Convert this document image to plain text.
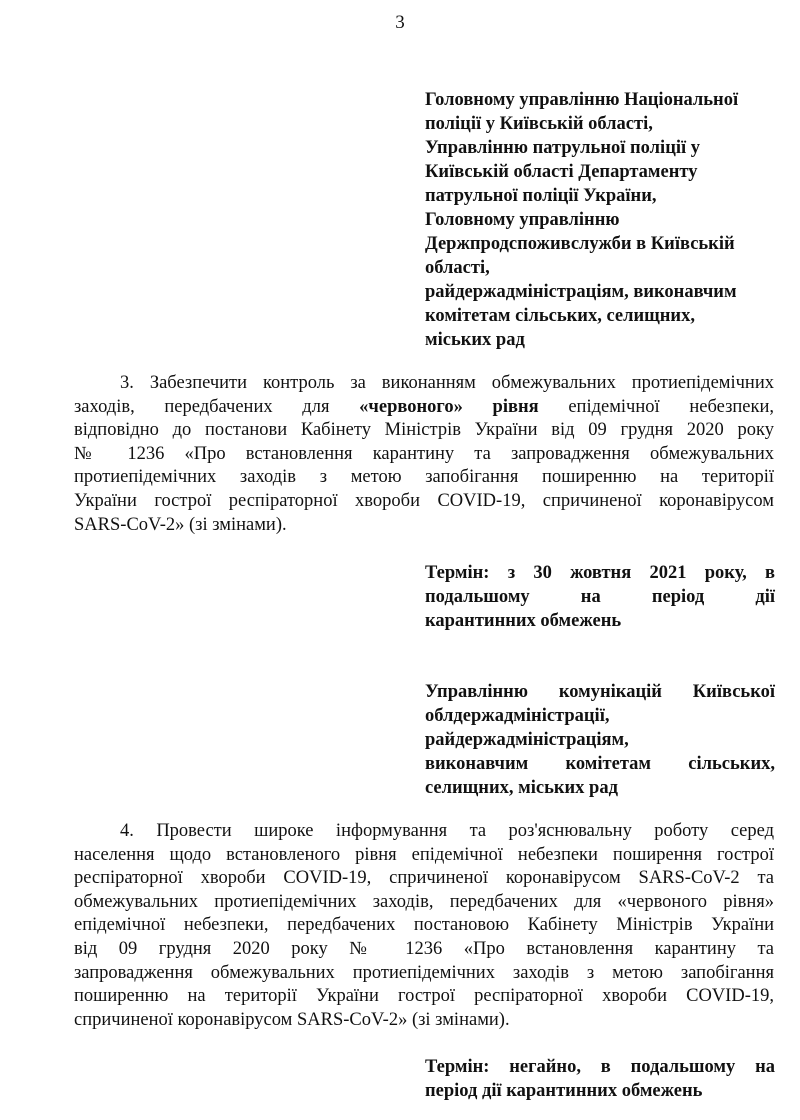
3
Головному управлінню Національної
поліції у Київській області,
Управлінню патрульної поліції у
Київській області Департаменту
патрульної поліції України,
Головному управлінню
Держпродспоживслужби в Київській
області,
райдержадміністраціям, виконавчим
комітетам сільських, селищних,
міських рад
3. Забезпечити контроль за виконанням обмежувальних протиепідемічних
заходів, передбачених для «червоного» рівня епідемічної небезпеки,
відповідно до постанови Кабінету Міністрів України від 09 грудня 2020 року
№ 1236 «Про встановлення карантину та запровадження обмежувальних
протиепідемічних заходів з метою запобігання поширенню на території
України гострої респіраторної хвороби COVID-19, спричиненої коронавірусом
SARS-CoV-2» (зі змінами).
Термін: з 30 жовтня 2021 року, в
подальшому на період дії
карантинних обмежень
Управлінню комунікацій Київської
облдержадміністрації,
райдержадміністраціям,
виконавчим комітетам сільських,
селищних, міських рад
4. Провести широке інформування та роз'яснювальну роботу серед
населення щодо встановленого рівня епідемічної небезпеки поширення гострої
респіраторної хвороби COVID-19, спричиненої коронавірусом SARS-CoV-2 та
обмежувальних протиепідемічних заходів, передбачених для «червоного рівня»
епідемічної небезпеки, передбачених постановою Кабінету Міністрів України
від 09 грудня 2020 року № 1236 «Про встановлення карантину та
запровадження обмежувальних протиепідемічних заходів з метою запобігання
поширенню на території України гострої респіраторної хвороби COVID-19,
спричиненої коронавірусом SARS-CoV-2» (зі змінами).
Термін: негайно, в подальшому на
період дії карантинних обмежень
